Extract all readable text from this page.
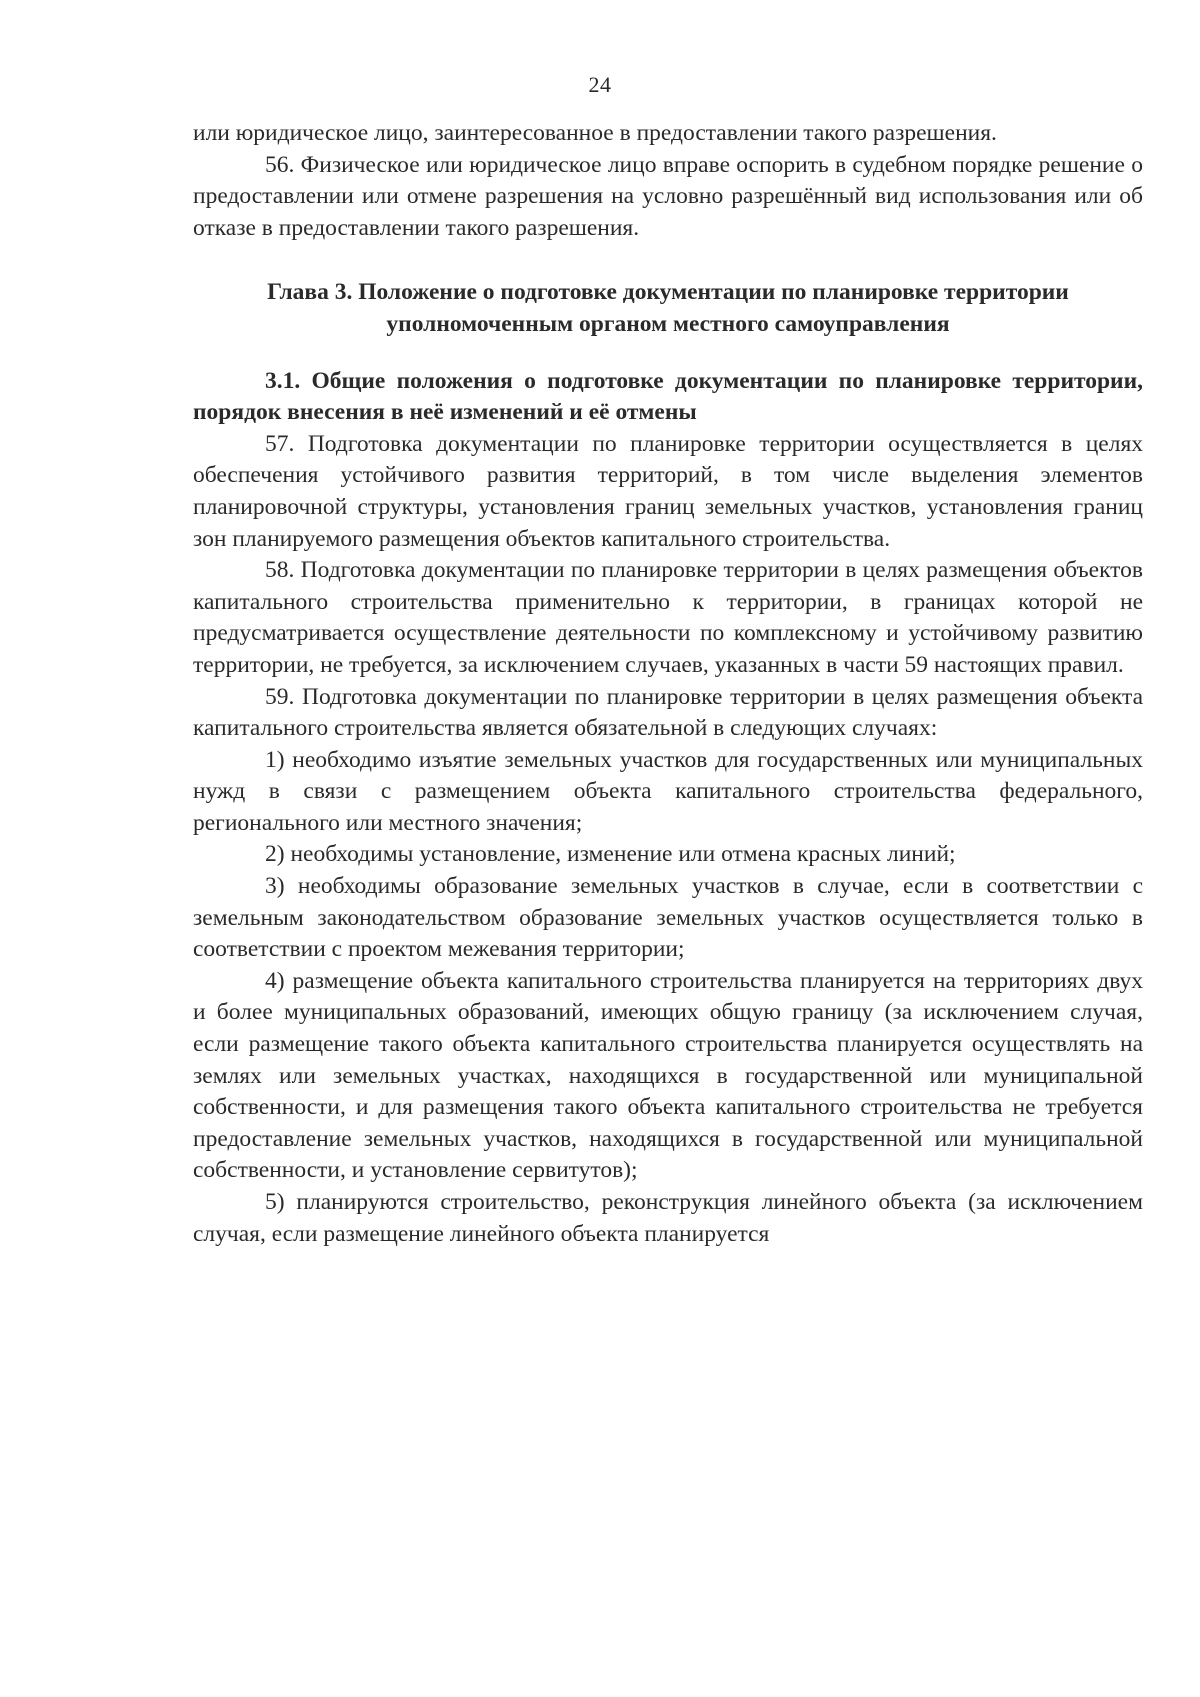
24

или юридическое лицо, заинтересованное в предоставлении такого разрешения.

56. Физическое или юридическое лицо вправе оспорить в судебном порядке решение о предоставлении или отмене разрешения на условно разрешённый вид использования или об отказе в предоставлении такого разрешения.

Глава 3. Положение о подготовке документации по планировке территории уполномоченным органом местного самоуправления

3.1. Общие положения о подготовке документации по планировке территории, порядок внесения в неё изменений и её отмены

57. Подготовка документации по планировке территории осуществляется в целях обеспечения устойчивого развития территорий, в том числе выделения элементов планировочной структуры, установления границ земельных участков, установления границ зон планируемого размещения объектов капитального строительства.

58. Подготовка документации по планировке территории в целях размещения объектов капитального строительства применительно к территории, в границах которой не предусматривается осуществление деятельности по комплексному и устойчивому развитию территории, не требуется, за исключением случаев, указанных в части 59 настоящих правил.

59. Подготовка документации по планировке территории в целях размещения объекта капитального строительства является обязательной в следующих случаях:

1) необходимо изъятие земельных участков для государственных или муниципальных нужд в связи с размещением объекта капитального строительства федерального, регионального или местного значения;

2) необходимы установление, изменение или отмена красных линий;

3) необходимы образование земельных участков в случае, если в соответствии с земельным законодательством образование земельных участков осуществляется только в соответствии с проектом межевания территории;

4) размещение объекта капитального строительства планируется на территориях двух и более муниципальных образований, имеющих общую границу (за исключением случая, если размещение такого объекта капитального строительства планируется осуществлять на землях или земельных участках, находящихся в государственной или муниципальной собственности, и для размещения такого объекта капитального строительства не требуется предоставление земельных участков, находящихся в государственной или муниципальной собственности, и установление сервитутов);

5) планируются строительство, реконструкция линейного объекта (за исключением случая, если размещение линейного объекта планируется
